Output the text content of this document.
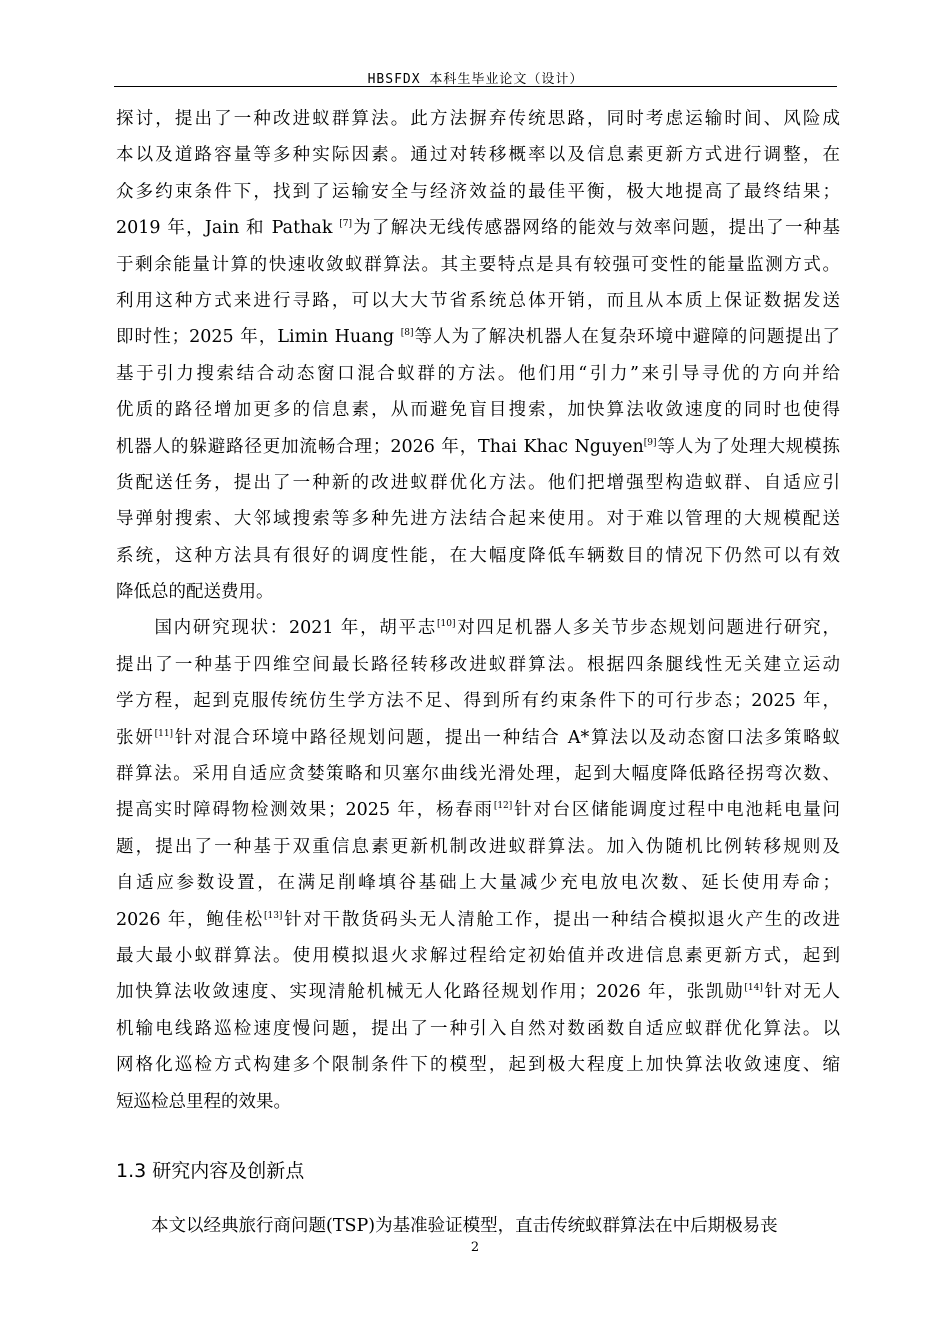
HBSFDX 本科生毕业论文（设计）
探讨，提出了一种改进蚁群算法。此方法摒弃传统思路，同时考虑运输时间、风险成
本以及道路容量等多种实际因素。通过对转移概率以及信息素更新方式进行调整，在
众多约束条件下，找到了运输安全与经济效益的最佳平衡，极大地提高了最终结果；
2019 年，Jain 和 Pathak [7]为了解决无线传感器网络的能效与效率问题，提出了一种基
于剩余能量计算的快速收敛蚁群算法。其主要特点是具有较强可变性的能量监测方式。
利用这种方式来进行寻路，可以大大节省系统总体开销，而且从本质上保证数据发送
即时性；2025 年，Limin Huang [8]等人为了解决机器人在复杂环境中避障的问题提出了
基于引力搜索结合动态窗口混合蚁群的方法。他们用“引力”来引导寻优的方向并给
优质的路径增加更多的信息素，从而避免盲目搜索，加快算法收敛速度的同时也使得
机器人的躲避路径更加流畅合理；2026 年，Thai Khac Nguyen[9]等人为了处理大规模拣
货配送任务，提出了一种新的改进蚁群优化方法。他们把增强型构造蚁群、自适应引
导弹射搜索、大邻域搜索等多种先进方法结合起来使用。对于难以管理的大规模配送
系统，这种方法具有很好的调度性能，在大幅度降低车辆数目的情况下仍然可以有效
降低总的配送费用。
　　国内研究现状：2021 年，胡平志[10]对四足机器人多关节步态规划问题进行研究，
提出了一种基于四维空间最长路径转移改进蚁群算法。根据四条腿线性无关建立运动
学方程，起到克服传统仿生学方法不足、得到所有约束条件下的可行步态；2025 年，
张妍[11]针对混合环境中路径规划问题，提出一种结合 A*算法以及动态窗口法多策略蚁
群算法。采用自适应贪婪策略和贝塞尔曲线光滑处理，起到大幅度降低路径拐弯次数、
提高实时障碍物检测效果；2025 年，杨春雨[12]针对台区储能调度过程中电池耗电量问
题，提出了一种基于双重信息素更新机制改进蚁群算法。加入伪随机比例转移规则及
自适应参数设置，在满足削峰填谷基础上大量减少充电放电次数、延长使用寿命；
2026 年，鲍佳松[13]针对干散货码头无人清舱工作，提出一种结合模拟退火产生的改进
最大最小蚁群算法。使用模拟退火求解过程给定初始值并改进信息素更新方式，起到
加快算法收敛速度、实现清舱机械无人化路径规划作用；2026 年，张凯勋[14]针对无人
机输电线路巡检速度慢问题，提出了一种引入自然对数函数自适应蚁群优化算法。以
网格化巡检方式构建多个限制条件下的模型，起到极大程度上加快算法收敛速度、缩
短巡检总里程的效果。
1.3 研究内容及创新点
　　本文以经典旅行商问题(TSP)为基准验证模型，直击传统蚁群算法在中后期极易丧
2
